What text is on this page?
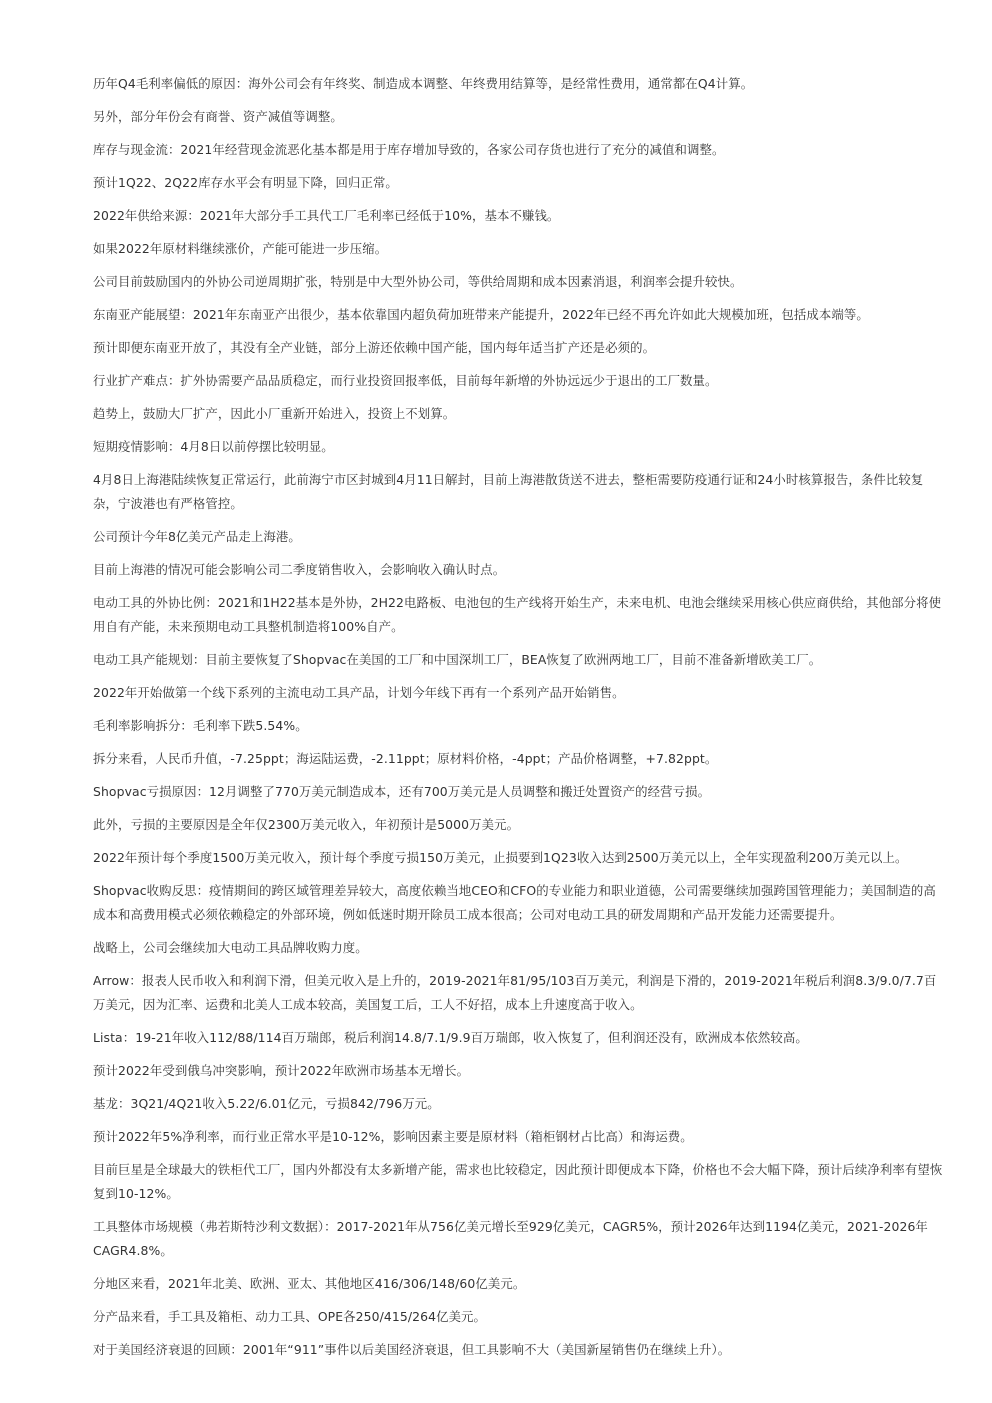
历年Q4毛利率偏低的原因：海外公司会有年终奖、制造成本调整、年终费用结算等，是经常性费用，通常都在Q4计算。

另外，部分年份会有商誉、资产减值等调整。

库存与现金流：2021年经营现金流恶化基本都是用于库存增加导致的，各家公司存货也进行了充分的减值和调整。

预计1Q22、2Q22库存水平会有明显下降，回归正常。

2022年供给来源：2021年大部分手工具代工厂毛利率已经低于10%，基本不赚钱。

如果2022年原材料继续涨价，产能可能进一步压缩。

公司目前鼓励国内的外协公司逆周期扩张，特别是中大型外协公司，等供给周期和成本因素消退，利润率会提升较快。

东南亚产能展望：2021年东南亚产出很少，基本依靠国内超负荷加班带来产能提升，2022年已经不再允许如此大规模加班，包括成本端等。

预计即便东南亚开放了，其没有全产业链，部分上游还依赖中国产能，国内每年适当扩产还是必须的。

行业扩产难点：扩外协需要产品品质稳定，而行业投资回报率低，目前每年新增的外协远远少于退出的工厂数量。

趋势上，鼓励大厂扩产，因此小厂重新开始进入，投资上不划算。

短期疫情影响：4月8日以前停摆比较明显。

4月8日上海港陆续恢复正常运行，此前海宁市区封城到4月11日解封，目前上海港散货送不进去，整柜需要防疫通行证和24小时核算报告，条件比较复杂，宁波港也有严格管控。

公司预计今年8亿美元产品走上海港。

目前上海港的情况可能会影响公司二季度销售收入，会影响收入确认时点。

电动工具的外协比例：2021和1H22基本是外协，2H22电路板、电池包的生产线将开始生产，未来电机、电池会继续采用核心供应商供给，其他部分将使用自有产能，未来预期电动工具整机制造将100%自产。

电动工具产能规划：目前主要恢复了Shopvac在美国的工厂和中国深圳工厂，BEA恢复了欧洲两地工厂，目前不准备新增欧美工厂。

2022年开始做第一个线下系列的主流电动工具产品，计划今年线下再有一个系列产品开始销售。

毛利率影响拆分：毛利率下跌5.54%。

拆分来看，人民币升值，-7.25ppt；海运陆运费，-2.11ppt；原材料价格，-4ppt；产品价格调整，+7.82ppt。

Shopvac亏损原因：12月调整了770万美元制造成本，还有700万美元是人员调整和搬迁处置资产的经营亏损。

此外，亏损的主要原因是全年仅2300万美元收入，年初预计是5000万美元。

2022年预计每个季度1500万美元收入，预计每个季度亏损150万美元，止损要到1Q23收入达到2500万美元以上，全年实现盈利200万美元以上。

Shopvac收购反思：疫情期间的跨区域管理差异较大，高度依赖当地CEO和CFO的专业能力和职业道德，公司需要继续加强跨国管理能力；美国制造的高成本和高费用模式必须依赖稳定的外部环境，例如低迷时期开除员工成本很高；公司对电动工具的研发周期和产品开发能力还需要提升。

战略上，公司会继续加大电动工具品牌收购力度。

Arrow：报表人民币收入和利润下滑，但美元收入是上升的，2019-2021年81/95/103百万美元，利润是下滑的，2019-2021年税后利润8.3/9.0/7.7百万美元，因为汇率、运费和北美人工成本较高，美国复工后，工人不好招，成本上升速度高于收入。

Lista：19-21年收入112/88/114百万瑞郎，税后利润14.8/7.1/9.9百万瑞郎，收入恢复了，但利润还没有，欧洲成本依然较高。

预计2022年受到俄乌冲突影响，预计2022年欧洲市场基本无增长。

基龙：3Q21/4Q21收入5.22/6.01亿元，亏损842/796万元。

预计2022年5%净利率，而行业正常水平是10-12%，影响因素主要是原材料（箱柜钢材占比高）和海运费。

目前巨星是全球最大的铁柜代工厂，国内外都没有太多新增产能，需求也比较稳定，因此预计即便成本下降，价格也不会大幅下降，预计后续净利率有望恢复到10-12%。

工具整体市场规模（弗若斯特沙利文数据）：2017-2021年从756亿美元增长至929亿美元，CAGR5%，预计2026年达到1194亿美元，2021-2026年CAGR4.8%。

分地区来看，2021年北美、欧洲、亚太、其他地区416/306/148/60亿美元。

分产品来看，手工具及箱柜、动力工具、OPE各250/415/264亿美元。

对于美国经济衰退的回顾：2001年“911”事件以后美国经济衰退，但工具影响不大（美国新屋销售仍在继续上升）。
